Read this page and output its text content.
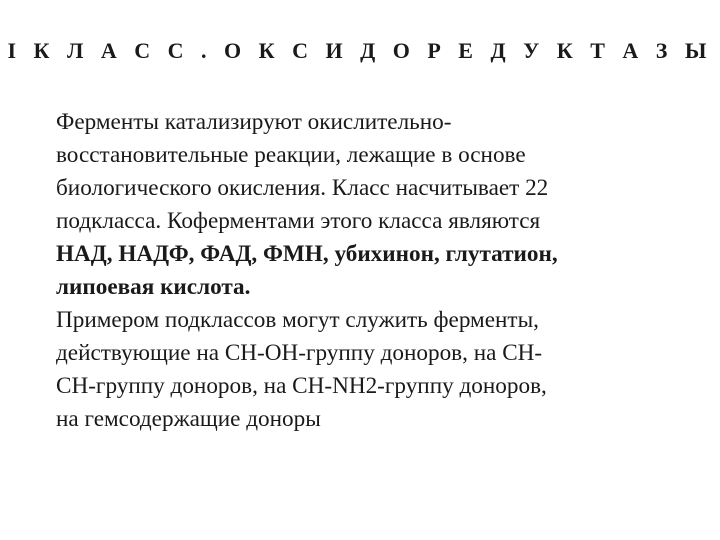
I К Л А С С . О К С И Д О Р Е Д У К Т А З Ы
Ферменты катализируют окислительно-
восстановительные реакции, лежащие в основе
биологического окисления. Класс насчитывает 22
подкласса. Коферментами этого класса являются
НАД, НАДФ, ФАД, ФМН, убихинон, глутатион,
липоевая кислота.
Примером подклассов могут служить ферменты,
действующие на СН-ОН-группу доноров, на СН-
СН-группу доноров, на СН-NH2-группу доноров,
на гемсодержащие доноры
